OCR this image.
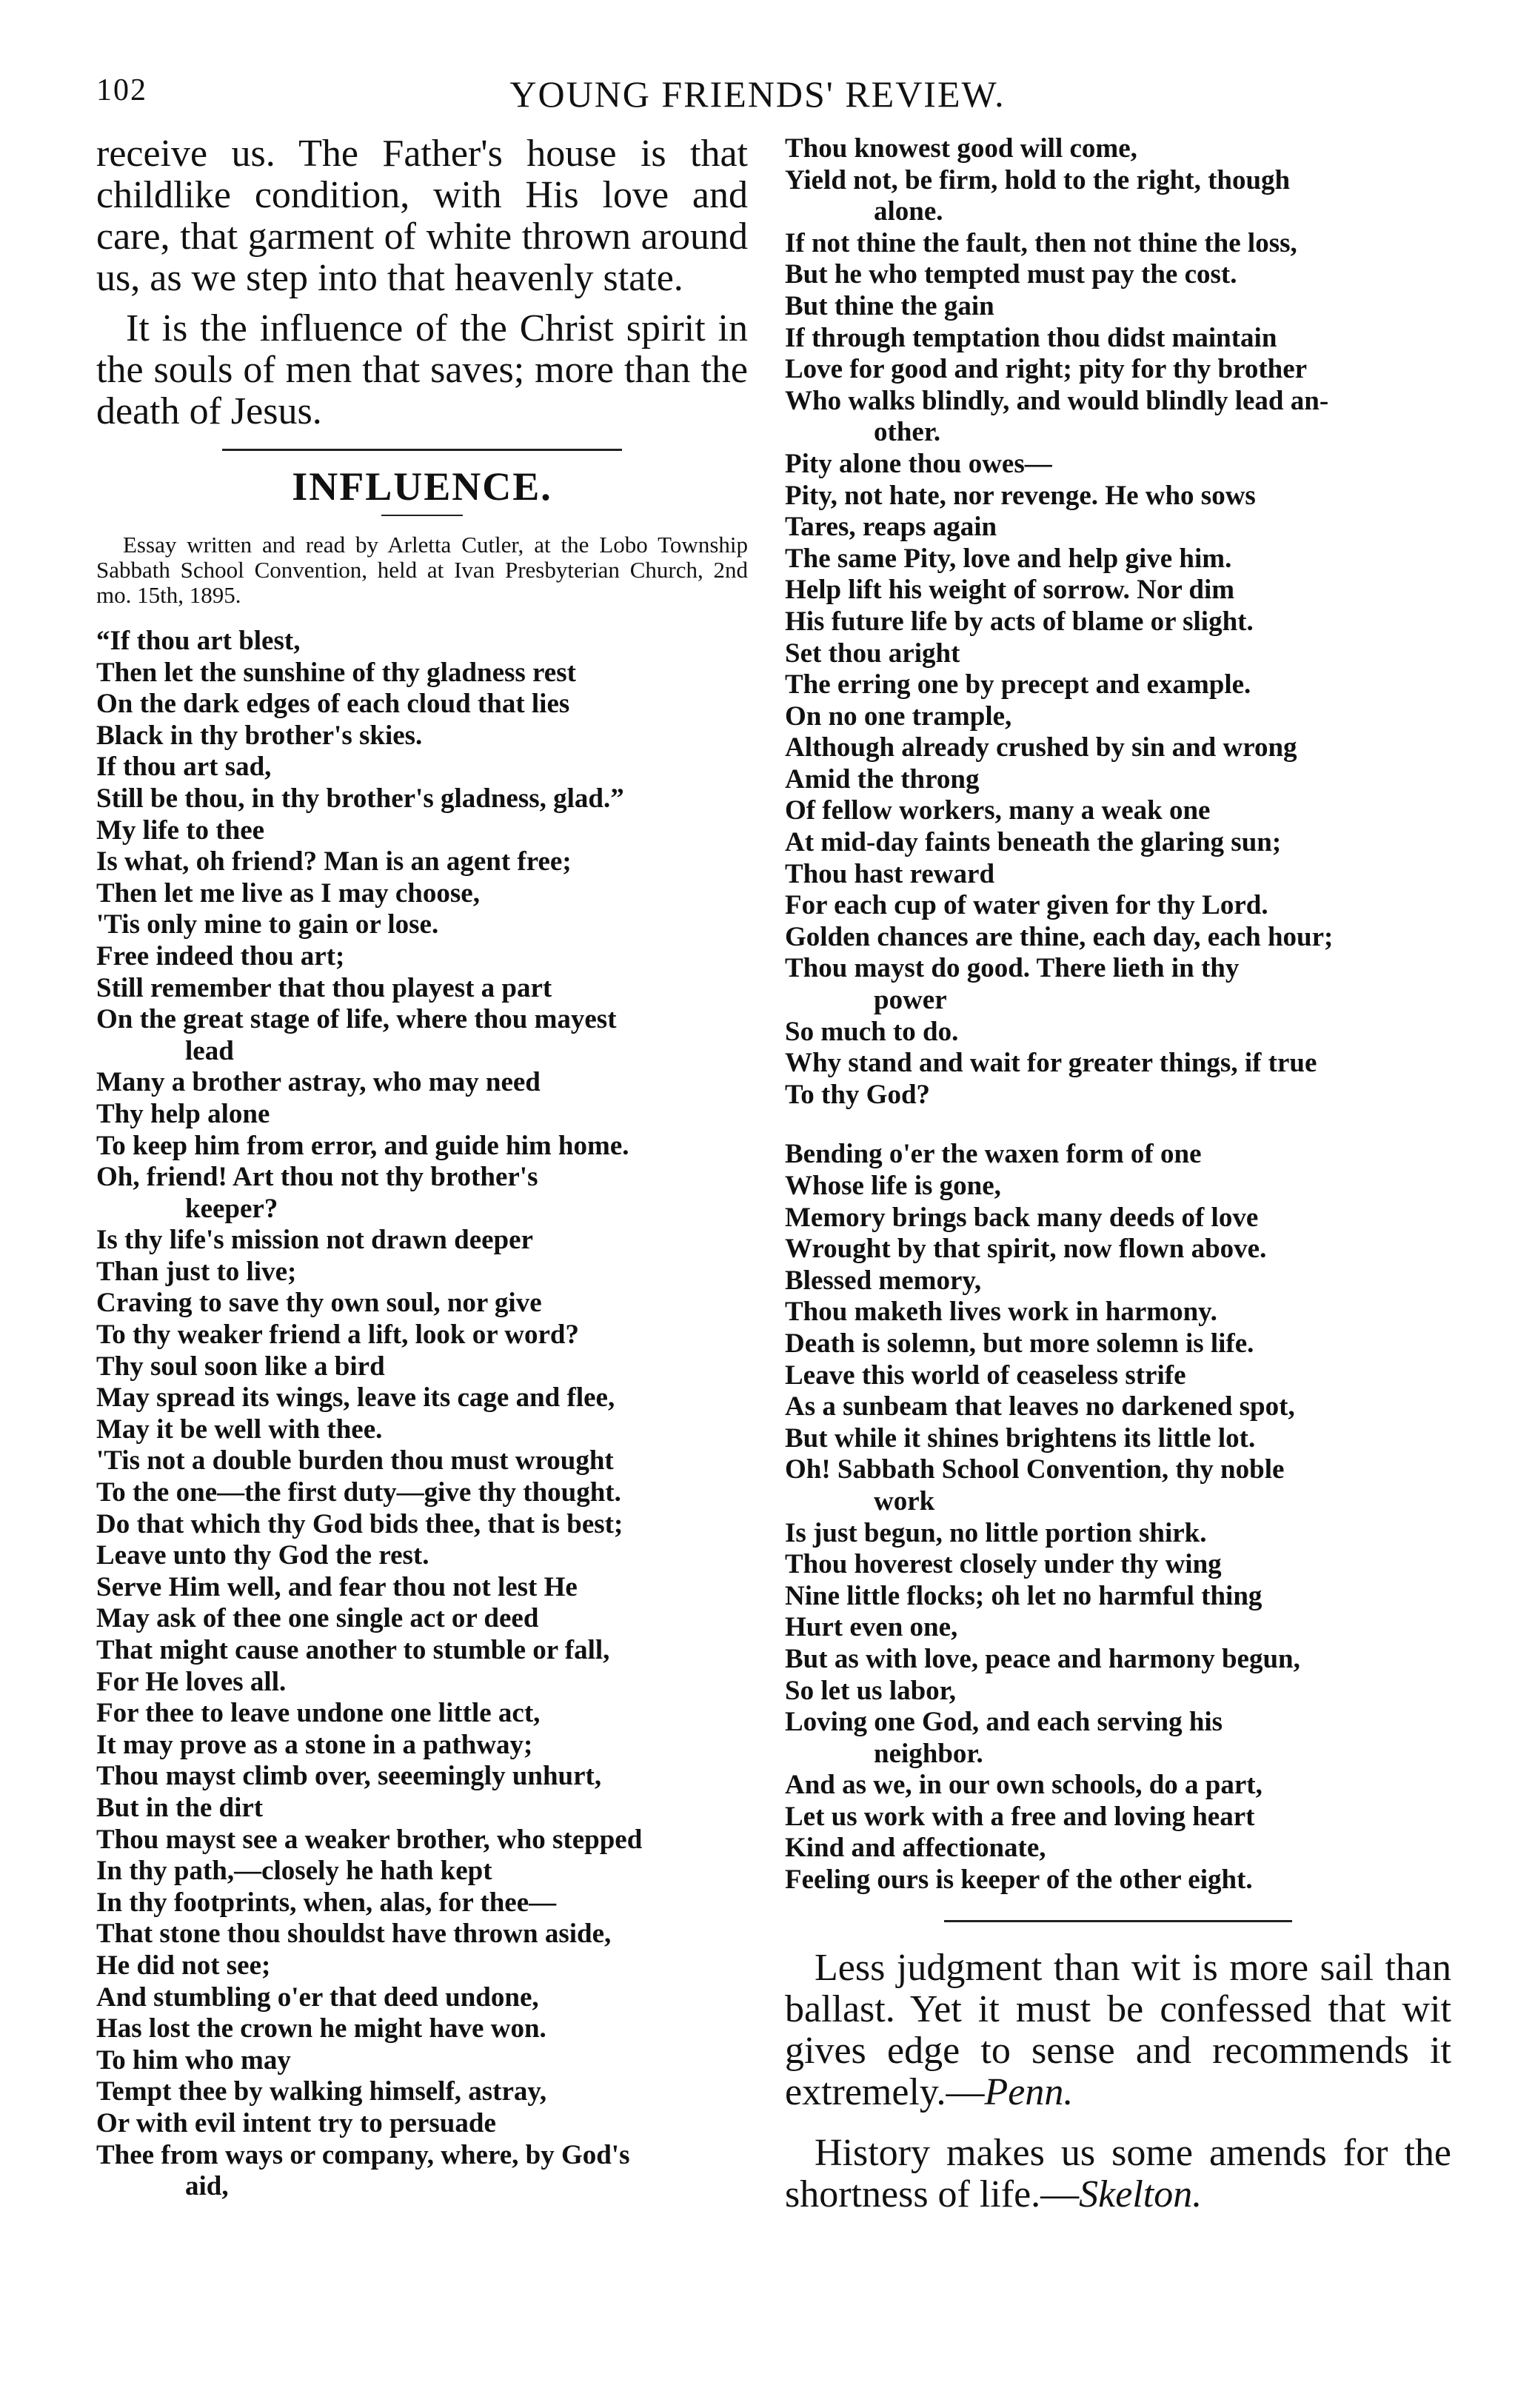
102	YOUNG FRIENDS' REVIEW.

receive us. The Father's house is that childlike condition, with His love and care, that garment of white thrown around us, as we step into that heavenly state.

It is the influence of the Christ spirit in the souls of men that saves; more than the death of Jesus.

INFLUENCE.

Essay written and read by Arletta Cutler, at the Lobo Township Sabbath School Convention, held at Ivan Presbyterian Church, 2nd mo. 15th, 1895.

“If thou art blest,
Then let the sunshine of thy gladness rest
On the dark edges of each cloud that lies
Black in thy brother's skies.
If thou art sad,
Still be thou, in thy brother's gladness, glad.”
My life to thee
Is what, oh friend? Man is an agent free;
Then let me live as I may choose,
'Tis only mine to gain or lose.
Free indeed thou art;
Still remember that thou playest a part
On the great stage of life, where thou mayest
lead
Many a brother astray, who may need
Thy help alone
To keep him from error, and guide him home.
Oh, friend! Art thou not thy brother's
keeper?
Is thy life's mission not drawn deeper
Than just to live;
Craving to save thy own soul, nor give
To thy weaker friend a lift, look or word?
Thy soul soon like a bird
May spread its wings, leave its cage and flee,
May it be well with thee.
'Tis not a double burden thou must wrought
To the one—the first duty—give thy thought.
Do that which thy God bids thee, that is best;
Leave unto thy God the rest.
Serve Him well, and fear thou not lest He
May ask of thee one single act or deed
That might cause another to stumble or fall,
For He loves all.
For thee to leave undone one little act,
It may prove as a stone in a pathway;
Thou mayst climb over, seeemingly unhurt,
But in the dirt
Thou mayst see a weaker brother, who stepped
In thy path,—closely he hath kept
In thy footprints, when, alas, for thee—
That stone thou shouldst have thrown aside,
He did not see;
And stumbling o'er that deed undone,
Has lost the crown he might have won.
To him who may
Tempt thee by walking himself, astray,
Or with evil intent try to persuade
Thee from ways or company, where, by God's
aid,
Thou knowest good will come,
Yield not, be firm, hold to the right, though
alone.
If not thine the fault, then not thine the loss,
But he who tempted must pay the cost.
But thine the gain
If through temptation thou didst maintain
Love for good and right; pity for thy brother
Who walks blindly, and would blindly lead an-
other.
Pity alone thou owes—
Pity, not hate, nor revenge. He who sows
Tares, reaps again
The same Pity, love and help give him.
Help lift his weight of sorrow. Nor dim
His future life by acts of blame or slight.
Set thou aright
The erring one by precept and example.
On no one trample,
Although already crushed by sin and wrong
Amid the throng
Of fellow workers, many a weak one
At mid-day faints beneath the glaring sun;
Thou hast reward
For each cup of water given for thy Lord.
Golden chances are thine, each day, each hour;
Thou mayst do good. There lieth in thy
power
So much to do.
Why stand and wait for greater things, if true
To thy God?
Bending o'er the waxen form of one
Whose life is gone,
Memory brings back many deeds of love
Wrought by that spirit, now flown above.
Blessed memory,
Thou maketh lives work in harmony.
Death is solemn, but more solemn is life.
Leave this world of ceaseless strife
As a sunbeam that leaves no darkened spot,
But while it shines brightens its little lot.
Oh! Sabbath School Convention, thy noble
work
Is just begun, no little portion shirk.
Thou hoverest closely under thy wing
Nine little flocks; oh let no harmful thing
Hurt even one,
But as with love, peace and harmony begun,
So let us labor,
Loving one God, and each serving his
neighbor.
And as we, in our own schools, do a part,
Let us work with a free and loving heart
Kind and affectionate,
Feeling ours is keeper of the other eight.

Less judgment than wit is more sail than ballast. Yet it must be confessed that wit gives edge to sense and recommends it extremely.—Penn.

History makes us some amends for the shortness of life.—Skelton.
